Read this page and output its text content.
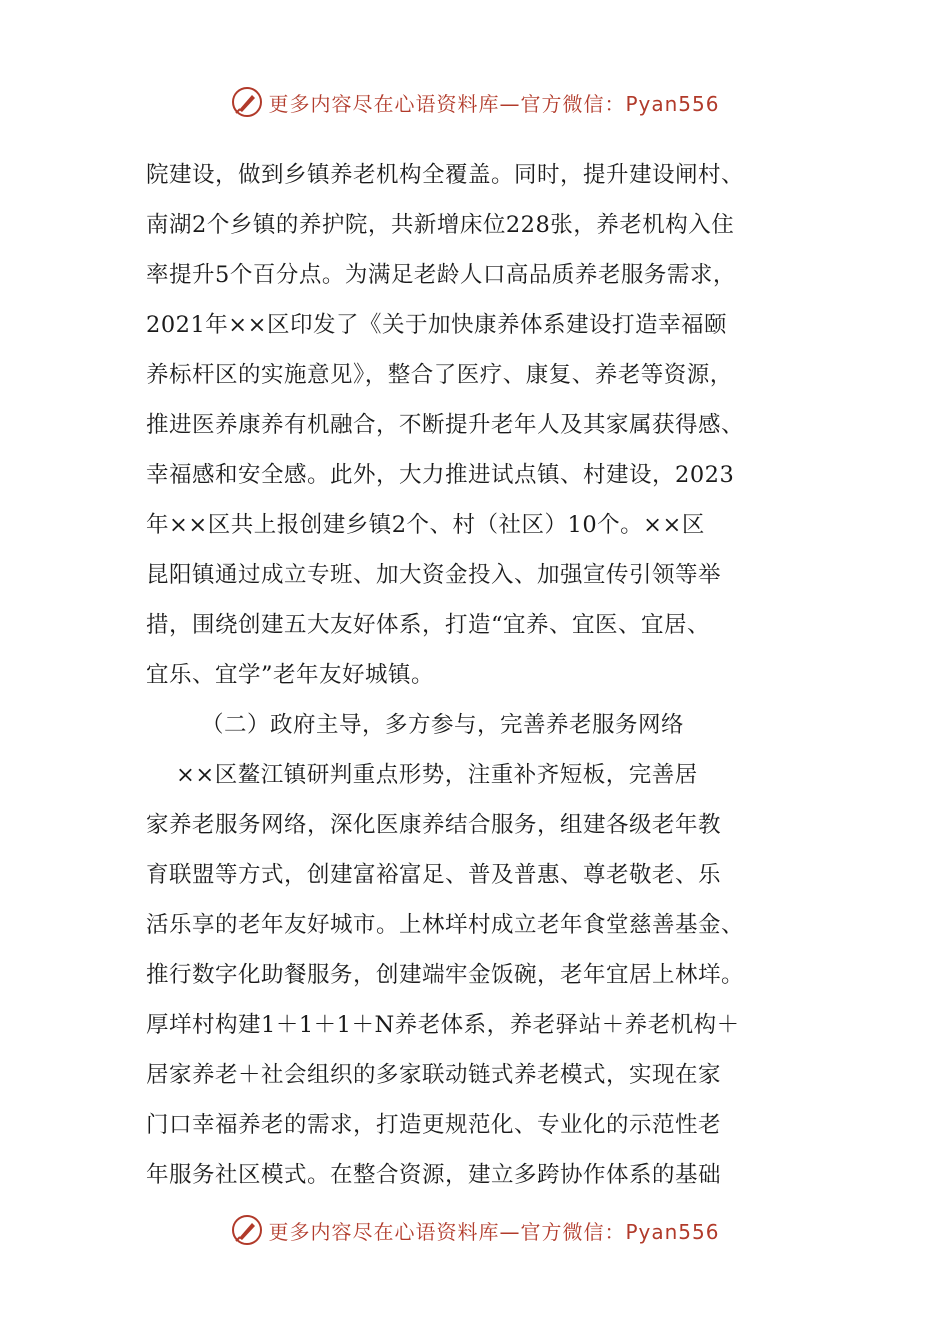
更多内容尽在心语资料库—官方微信：Pyan556
院建设，做到乡镇养老机构全覆盖。同时，提升建设闸村、
南湖2个乡镇的养护院，共新增床位228张，养老机构入住
率提升5个百分点。为满足老龄人口高品质养老服务需求，
2021年××区印发了《关于加快康养体系建设打造幸福颐
养标杆区的实施意见》，整合了医疗、康复、养老等资源，
推进医养康养有机融合，不断提升老年人及其家属获得感、
幸福感和安全感。此外，大力推进试点镇、村建设，2023
年××区共上报创建乡镇2个、村（社区）10个。××区
昆阳镇通过成立专班、加大资金投入、加强宣传引领等举
措，围绕创建五大友好体系，打造“宜养、宜医、宜居、
宜乐、宜学”老年友好城镇。
（二）政府主导，多方参与，完善养老服务网络
××区鳌江镇研判重点形势，注重补齐短板，完善居
家养老服务网络，深化医康养结合服务，组建各级老年教
育联盟等方式，创建富裕富足、普及普惠、尊老敬老、乐
活乐享的老年友好城市。上林垟村成立老年食堂慈善基金、
推行数字化助餐服务，创建端牢金饭碗，老年宜居上林垟。
厚垟村构建1＋1＋1＋N养老体系，养老驿站＋养老机构＋
居家养老＋社会组织的多家联动链式养老模式，实现在家
门口幸福养老的需求，打造更规范化、专业化的示范性老
年服务社区模式。在整合资源，建立多跨协作体系的基础
更多内容尽在心语资料库—官方微信：Pyan556
